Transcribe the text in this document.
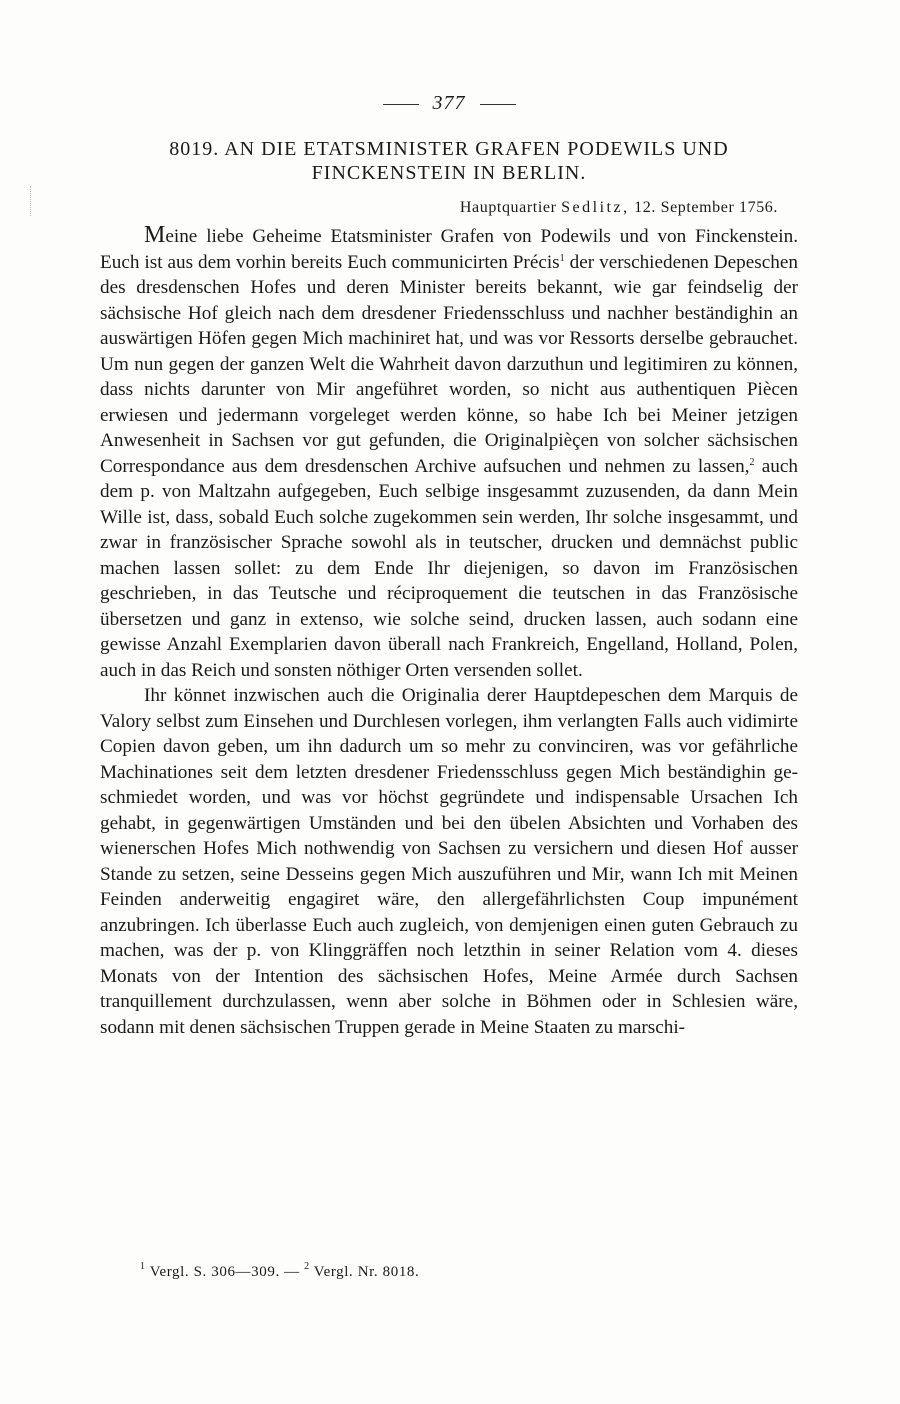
377
8019. AN DIE ETATSMINISTER GRAFEN PODEWILS UND
FINCKENSTEIN IN BERLIN.
Hauptquartier Sedlitz, 12. September 1756.

Meine liebe Geheime Etatsminister Grafen von Podewils und von Finckenstein. Euch ist aus dem vorhin bereits Euch communicirten Précis$^1$ der verschiedenen Depeschen des dresdenschen Hofes und deren Minister bereits bekannt, wie gar feindselig der sächsische Hof gleich nach dem dresdener Friedensschluss und nachher beständighin an auswärtigen Höfen gegen Mich machiniret hat, und was vor Ressorts derselbe gebrauchet. Um nun gegen der ganzen Welt die Wahrheit davon darzuthun und legitimiren zu können, dass nichts darunter von Mir angeführet worden, so nicht aus authentiquen Piècen erwiesen und jedermann vorgeleget werden könne, so habe Ich bei Meiner jetzigen Anwesenheit in Sachsen vor gut gefunden, die Originalpièçen von solcher sächsischen Correspondance aus dem dresdenschen Archive aufsuchen und nehmen zu lassen,$^2$ auch dem p. von Maltzahn aufgegeben, Euch selbige insgesammt zuzusenden, da dann Mein Wille ist, dass, sobald Euch solche zugekommen sein werden, Ihr solche insgesammt, und zwar in französischer Sprache sowohl als in teutscher, drucken und demnächst public machen lassen sollet: zu dem Ende Ihr diejenigen, so davon im Französischen geschrieben, in das Teutsche und réciproquement die teutschen in das Französische übersetzen und ganz in extenso, wie solche seind, drucken lassen, auch sodann eine gewisse Anzahl Exemplarien davon überall nach Frankreich, Engelland, Holland, Polen, auch in das Reich und sonsten nöthiger Orten versenden sollet.

Ihr könnet inzwischen auch die Originalia derer Hauptdepeschen dem Marquis de Valory selbst zum Einsehen und Durchlesen vorlegen, ihm verlangten Falls auch vidimirte Copien davon geben, um ihn dadurch um so mehr zu convinciren, was vor gefährliche Machinationes seit dem letzten dresdener Friedensschluss gegen Mich beständighin geschmiedet worden, und was vor höchst gegründete und indispensable Ursachen Ich gehabt, in gegenwärtigen Umständen und bei den übelen Absichten und Vorhaben des wienerschen Hofes Mich nothwendig von Sachsen zu versichern und diesen Hof ausser Stande zu setzen, seine Desseins gegen Mich auszuführen und Mir, wann Ich mit Meinen Feinden anderweitig engagiret wäre, den allergefährlichsten Coup impunément anzubringen. Ich überlasse Euch auch zugleich, von demjenigen einen guten Gebrauch zu machen, was der p. von Klinggräffen noch letzthin in seiner Relation vom 4. dieses Monats von der Intention des sächsischen Hofes, Meine Armée durch Sachsen tranquillement durchzulassen, wenn aber solche in Böhmen oder in Schlesien wäre, sodann mit denen sächsischen Truppen gerade in Meine Staaten zu marschi-

$^1$ Vergl. S. 306—309. — $^2$ Vergl. Nr. 8018.
